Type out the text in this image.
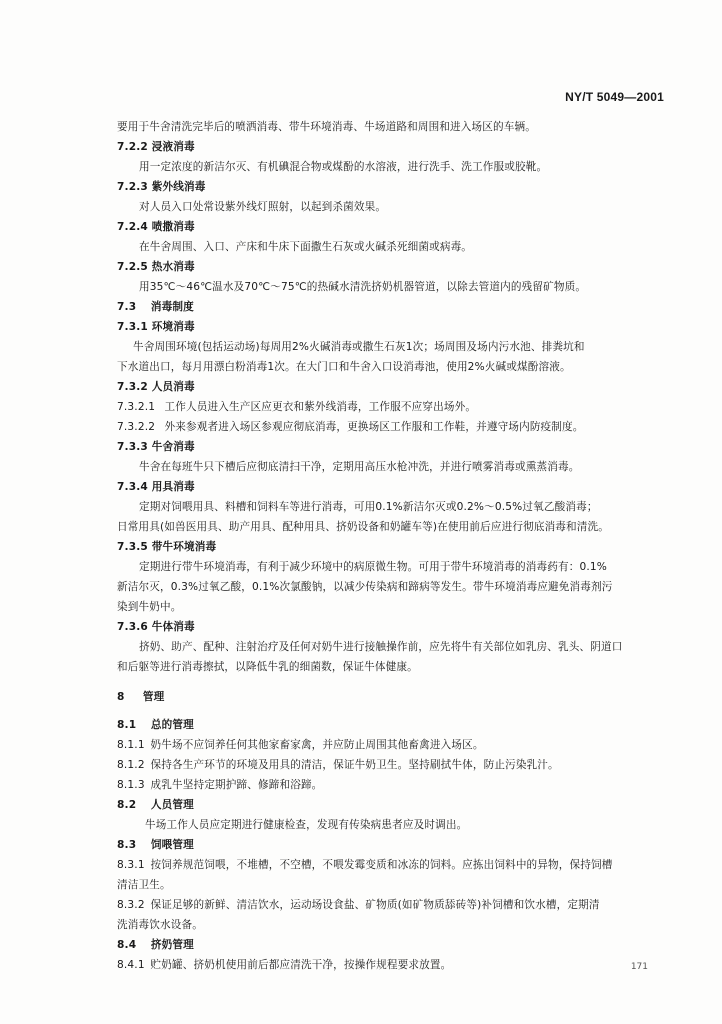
NY/T 5049—2001
要用于牛舍清洗完毕后的喷洒消毒、带牛环境消毒、牛场道路和周围和进入场区的车辆。
7.2.2 浸液消毒
用一定浓度的新洁尔灭、有机碘混合物或煤酚的水溶液，进行洗手、洗工作服或胶靴。
7.2.3 紫外线消毒
对人员入口处常设紫外线灯照射，以起到杀菌效果。
7.2.4 喷撒消毒
在牛舍周围、入口、产床和牛床下面撒生石灰或火碱杀死细菌或病毒。
7.2.5 热水消毒
用35℃～46℃温水及70℃～75℃的热碱水清洗挤奶机器管道，以除去管道内的残留矿物质。
7.3 消毒制度
7.3.1 环境消毒
牛舍周围环境(包括运动场)每周用2%火碱消毒或撒生石灰1次；场周围及场内污水池、排粪坑和
下水道出口，每月用漂白粉消毒1次。在大门口和牛舍入口设消毒池，使用2%火碱或煤酚溶液。
7.3.2 人员消毒
7.3.2.1 工作人员进入生产区应更衣和紫外线消毒，工作服不应穿出场外。
7.3.2.2 外来参观者进入场区参观应彻底消毒，更换场区工作服和工作鞋，并遵守场内防疫制度。
7.3.3 牛舍消毒
牛舍在每班牛只下槽后应彻底清扫干净，定期用高压水枪冲洗，并进行喷雾消毒或熏蒸消毒。
7.3.4 用具消毒
定期对饲喂用具、料槽和饲料车等进行消毒，可用0.1%新洁尔灭或0.2%～0.5%过氧乙酸消毒；
日常用具(如兽医用具、助产用具、配种用具、挤奶设备和奶罐车等)在使用前后应进行彻底消毒和清洗。
7.3.5 带牛环境消毒
定期进行带牛环境消毒，有利于减少环境中的病原微生物。可用于带牛环境消毒的消毒药有：0.1%
新洁尔灭，0.3%过氧乙酸，0.1%次氯酸钠，以减少传染病和蹄病等发生。带牛环境消毒应避免消毒剂污
染到牛奶中。
7.3.6 牛体消毒
挤奶、助产、配种、注射治疗及任何对奶牛进行接触操作前，应先将牛有关部位如乳房、乳头、阴道口
和后躯等进行消毒擦拭，以降低牛乳的细菌数，保证牛体健康。
8 管理
8.1 总的管理
8.1.1 奶牛场不应饲养任何其他家畜家禽，并应防止周围其他畜禽进入场区。
8.1.2 保持各生产环节的环境及用具的清洁，保证牛奶卫生。坚持刷拭牛体，防止污染乳汁。
8.1.3 成乳牛坚持定期护蹄、修蹄和浴蹄。
8.2 人员管理
牛场工作人员应定期进行健康检查，发现有传染病患者应及时调出。
8.3 饲喂管理
8.3.1 按饲养规范饲喂，不堆槽，不空槽，不喂发霉变质和冰冻的饲料。应拣出饲料中的异物，保持饲槽
清洁卫生。
8.3.2 保证足够的新鲜、清洁饮水，运动场设食盐、矿物质(如矿物质舔砖等)补饲槽和饮水槽，定期清
洗消毒饮水设备。
8.4 挤奶管理
8.4.1 贮奶罐、挤奶机使用前后都应清洗干净，按操作规程要求放置。	171
